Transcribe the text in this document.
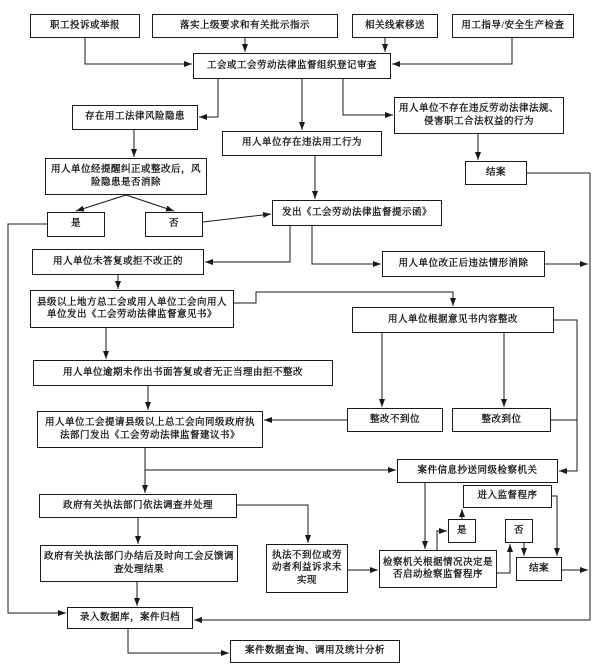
职工投诉或举报	落实上级要求和有关批示指示	相关线索移送	用工指导/安全生产检查
工会或工会劳动法律监督组织登记审查
存在用工法律风险隐患
用人单位不存在违反劳动法律法规、侵害职工合法权益的行为
用人单位存在违法用工行为
用人单位经提醒纠正或整改后，风险隐患是否消除
结案
是	否
发出《工会劳动法律监督提示函》
用人单位未答复或拒不改正的	用人单位改正后违法情形消除
县级以上地方总工会或用人单位工会向用人单位发出《工会劳动法律监督意见书》	用人单位根据意见书内容整改
用人单位逾期未作出书面答复或者无正当理由拒不整改
用人单位工会提请县级以上总工会向同级政府执法部门发出《工会劳动法律监督建议书》
整改不到位	整改到位
案件信息抄送同级检察机关
进入监督程序
政府有关执法部门依法调查并处理
是	否
政府有关执法部门办结后及时向工会反馈调查处理结果
执法不到位或劳动者利益诉求未实现
检察机关根据情况决定是否启动检察监督程序
结案
录入数据库，案件归档
案件数据查询、调用及统计分析
